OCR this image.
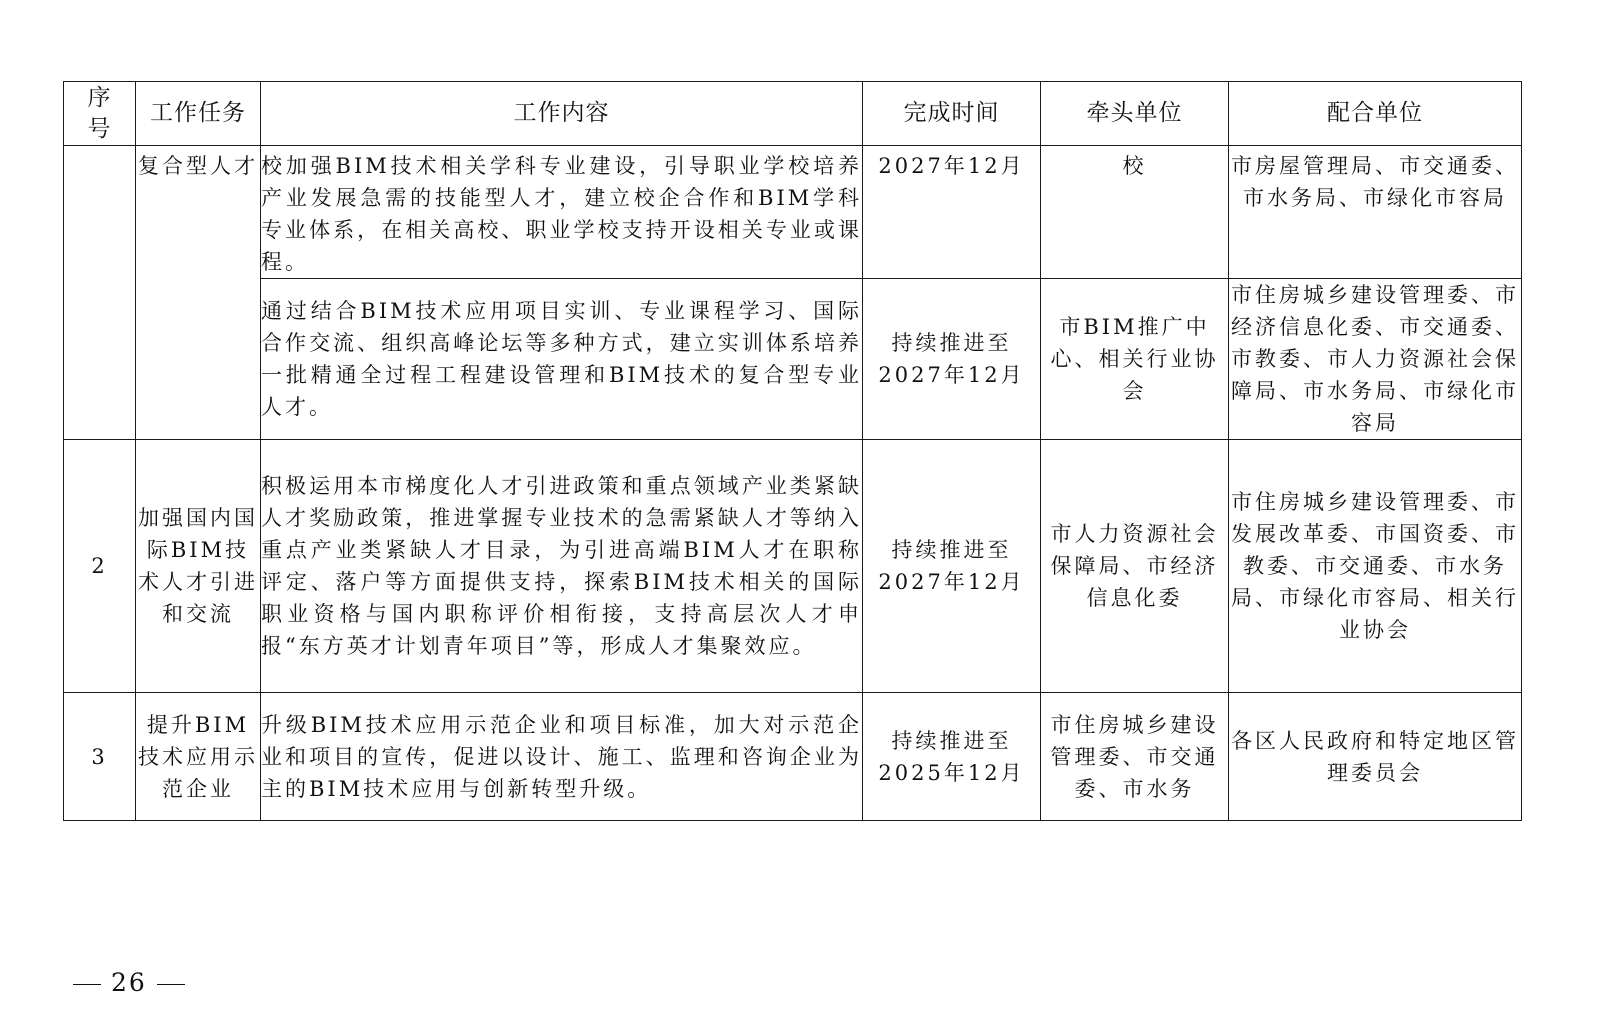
序号	工作任务	工作内容	完成时间	牵头单位	配合单位

	复合型人才	校加强BIM技术相关学科专业建设，引导职业学校培养产业发展急需的技能型人才，建立校企合作和BIM学科专业体系，在相关高校、职业学校支持开设相关专业或课程。	2027年12月	校	市房屋管理局、市交通委、市水务局、市绿化市容局

		通过结合BIM技术应用项目实训、专业课程学习、国际合作交流、组织高峰论坛等多种方式，建立实训体系培养一批精通全过程工程建设管理和BIM技术的复合型专业人才。	持续推进至2027年12月	市BIM推广中心、相关行业协会	市住房城乡建设管理委、市经济信息化委、市交通委、市教委、市人力资源社会保障局、市水务局、市绿化市容局

2	加强国内国际BIM技术人才引进和交流	积极运用本市梯度化人才引进政策和重点领域产业类紧缺人才奖励政策，推进掌握专业技术的急需紧缺人才等纳入重点产业类紧缺人才目录，为引进高端BIM人才在职称评定、落户等方面提供支持，探索BIM技术相关的国际职业资格与国内职称评价相衔接，支持高层次人才申报“东方英才计划青年项目”等，形成人才集聚效应。	持续推进至2027年12月	市人力资源社会保障局、市经济信息化委	市住房城乡建设管理委、市发展改革委、市国资委、市教委、市交通委、市水务局、市绿化市容局、相关行业协会

3	提升BIM技术应用示范企业	升级BIM技术应用示范企业和项目标准，加大对示范企业和项目的宣传，促进以设计、施工、监理和咨询企业为主的BIM技术应用与创新转型升级。	持续推进至2025年12月	市住房城乡建设管理委、市交通委、市水务	各区人民政府和特定地区管理委员会
26
